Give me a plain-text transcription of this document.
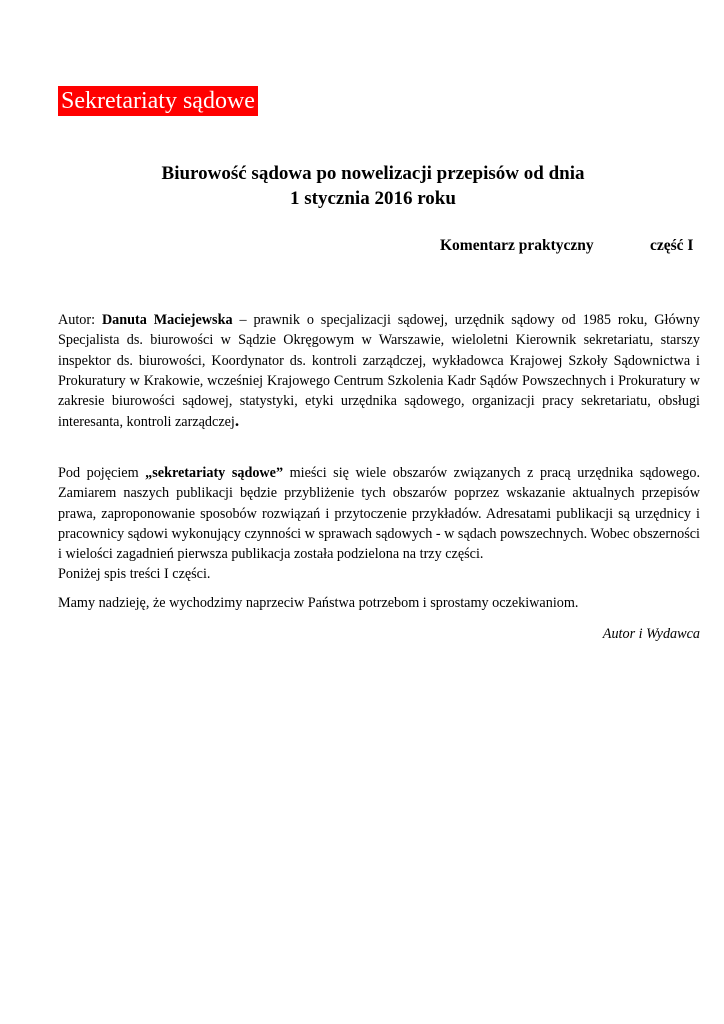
Sekretariaty sądowe
Biurowość sądowa po nowelizacji przepisów od dnia
1 stycznia 2016 roku
Komentarz praktyczny	część I
Autor: Danuta Maciejewska – prawnik o specjalizacji sądowej, urzędnik sądowy od 1985 roku, Główny Specjalista ds. biurowości w Sądzie Okręgowym w Warszawie, wieloletni Kierownik sekretariatu, starszy inspektor ds. biurowości, Koordynator ds. kontroli zarządczej, wykładowca Krajowej Szkoły Sądownictwa i Prokuratury w Krakowie, wcześniej Krajowego Centrum Szkolenia Kadr Sądów Powszechnych i Prokuratury w zakresie biurowości sądowej, statystyki, etyki urzędnika sądowego, organizacji pracy sekretariatu, obsługi interesanta, kontroli zarządczej.
Pod pojęciem „sekretariaty sądowe” mieści się wiele obszarów związanych z pracą urzędnika sądowego. Zamiarem naszych publikacji będzie przybliżenie tych obszarów poprzez wskazanie aktualnych przepisów prawa, zaproponowanie sposobów rozwiązań i przytoczenie przykładów. Adresatami publikacji są urzędnicy i pracownicy sądowi wykonujący czynności w sprawach sądowych - w sądach powszechnych. Wobec obszerności i wielości zagadnień pierwsza publikacja została podzielona na trzy części.
Poniżej spis treści I części.
Mamy nadzieję, że wychodzimy naprzeciw Państwa potrzebom i sprostamy oczekiwaniom.
Autor i Wydawca
